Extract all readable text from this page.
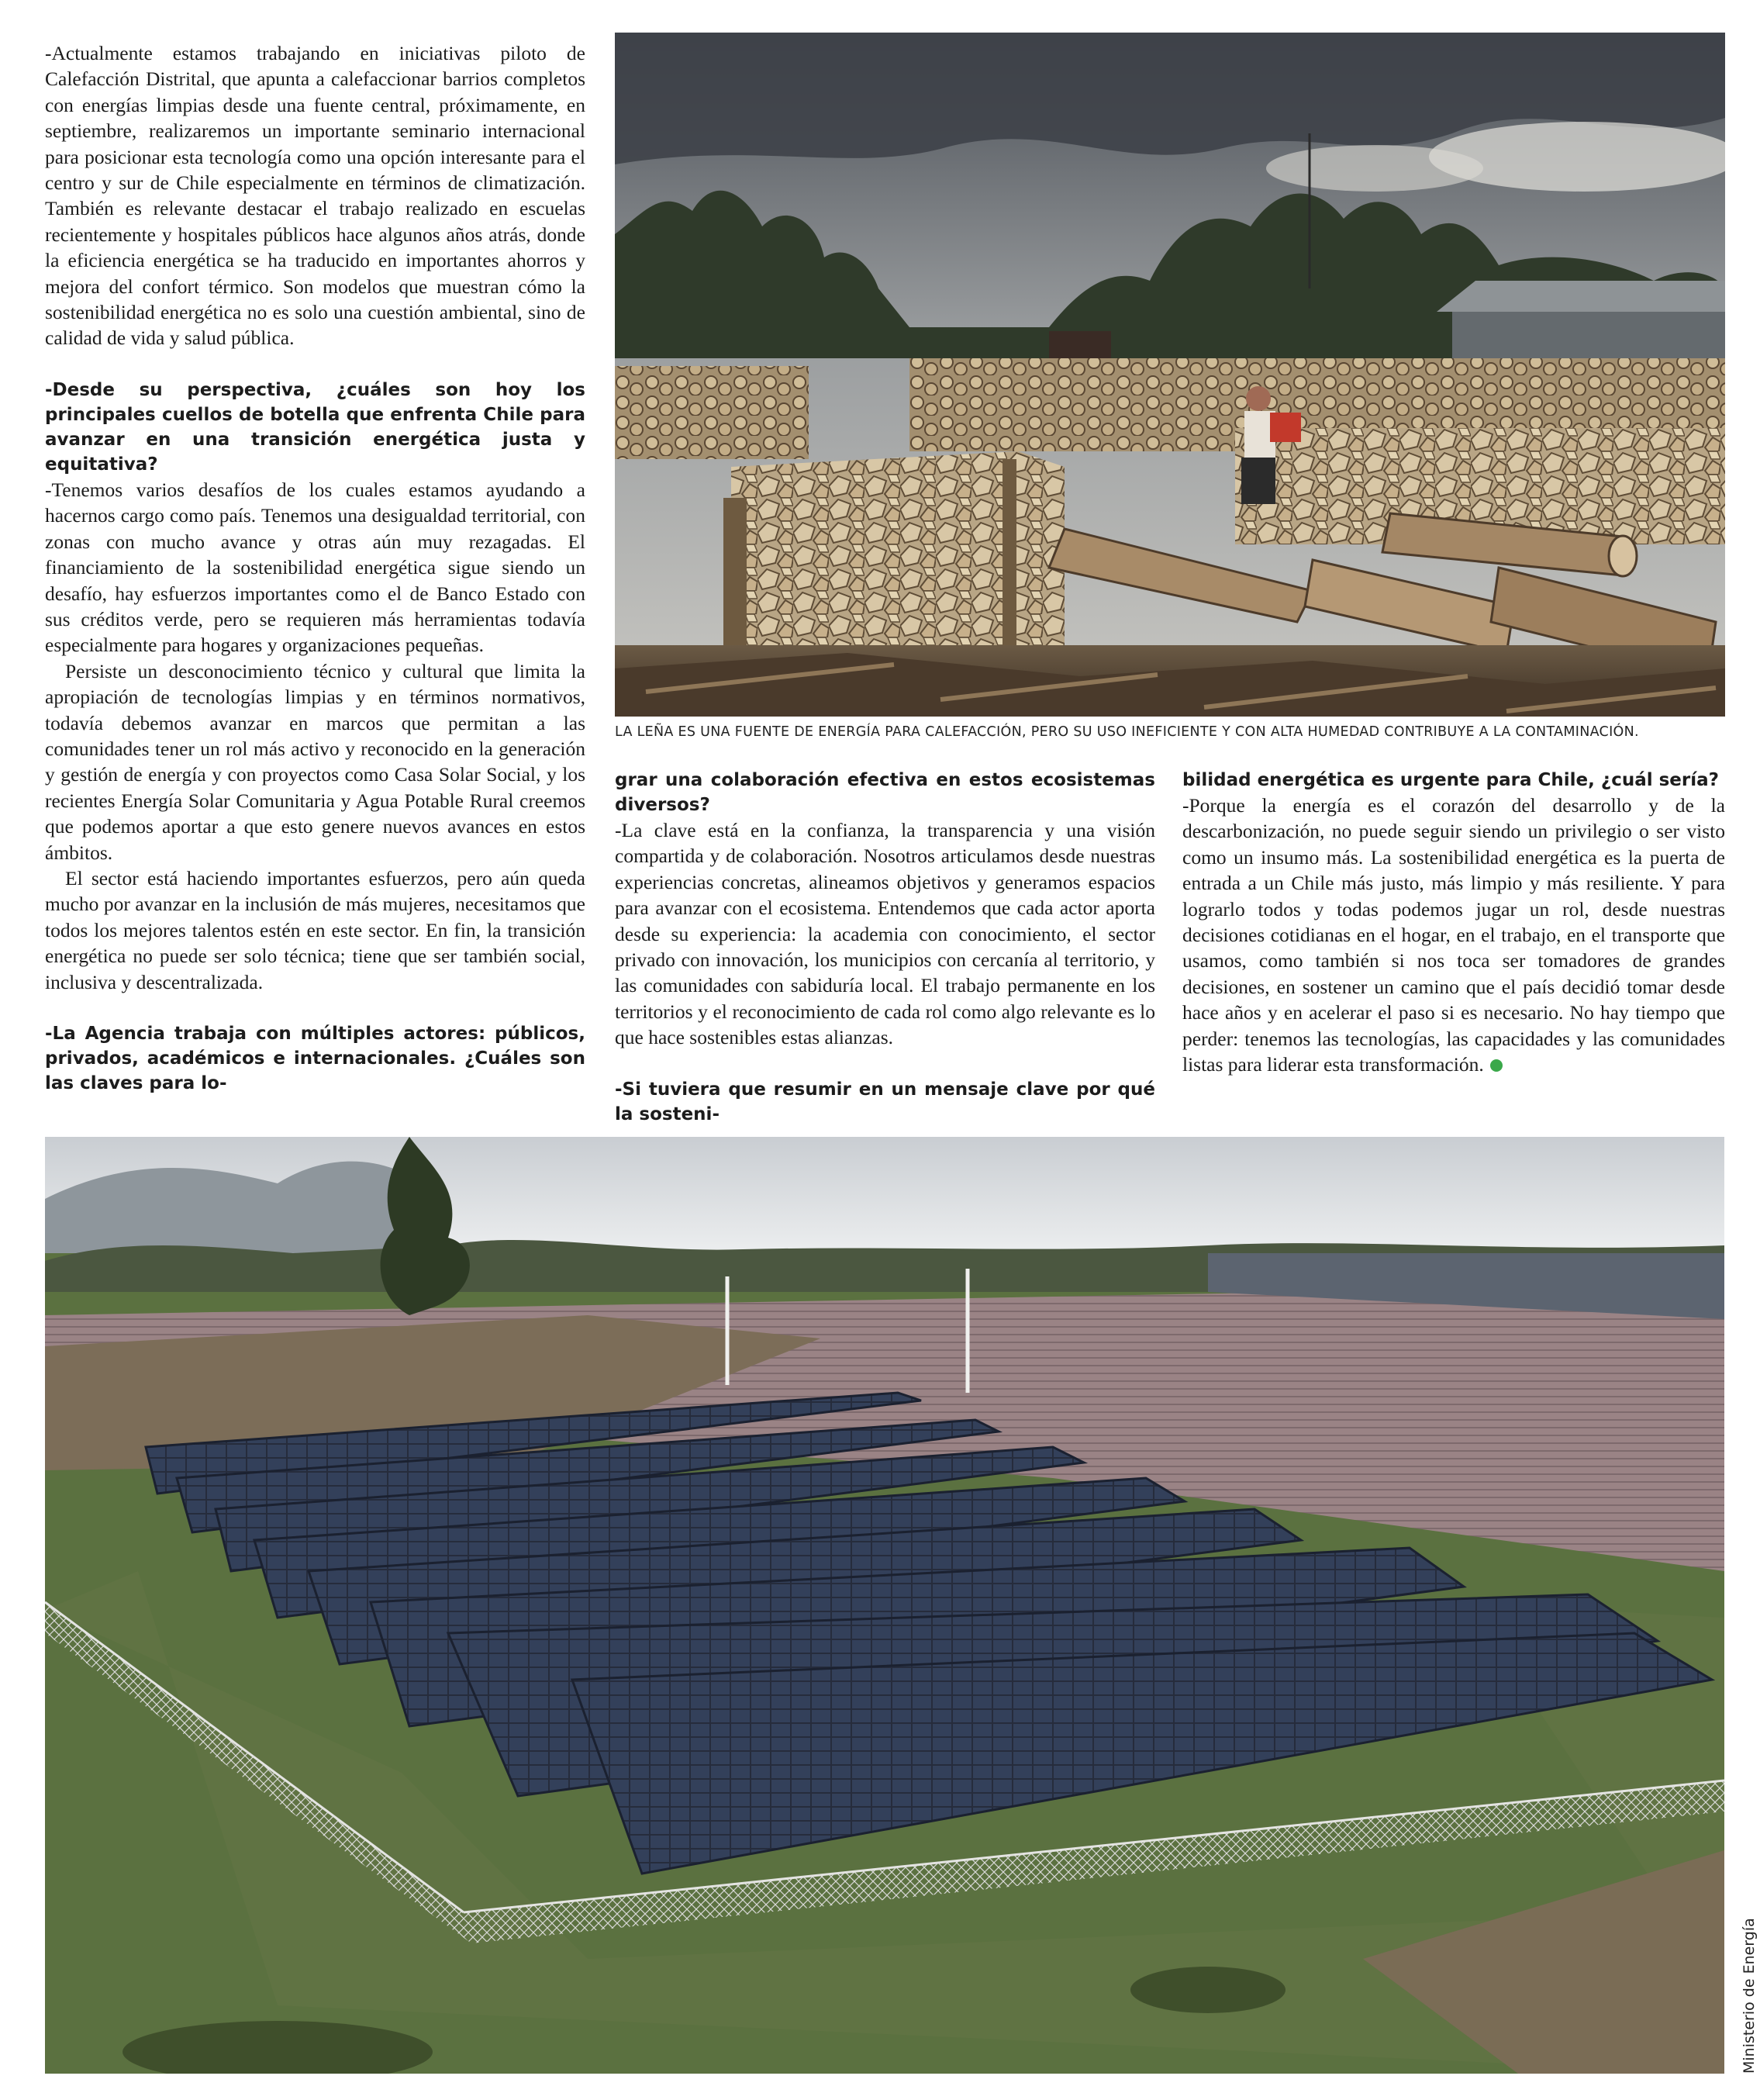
-Actualmente estamos trabajando en iniciativas piloto de Calefacción Distrital, que apunta a calefaccionar barrios completos con energías limpias desde una fuente central, próximamente, en septiembre, realizaremos un importante seminario internacional para posicionar esta tecnología como una opción interesante para el centro y sur de Chile especialmente en términos de climatización. También es relevante destacar el trabajo realizado en escuelas recientemente y hospitales públicos hace algunos años atrás, donde la eficiencia energética se ha traducido en importantes ahorros y mejora del confort térmico. Son modelos que muestran cómo la sostenibilidad energética no es solo una cuestión ambiental, sino de calidad de vida y salud pública.

-Desde su perspectiva, ¿cuáles son hoy los principales cuellos de botella que enfrenta Chile para avanzar en una transición energética justa y equitativa?

-Tenemos varios desafíos de los cuales estamos ayudando a hacernos cargo como país. Tenemos una desigualdad territorial, con zonas con mucho avance y otras aún muy rezagadas. El financiamiento de la sostenibilidad energética sigue siendo un desafío, hay esfuerzos importantes como el de Banco Estado con sus créditos verde, pero se requieren más herramientas todavía especialmente para hogares y organizaciones pequeñas.

Persiste un desconocimiento técnico y cultural que limita la apropiación de tecnologías limpias y en términos normativos, todavía debemos avanzar en marcos que permitan a las comunidades tener un rol más activo y reconocido en la generación y gestión de energía y con proyectos como Casa Solar Social, y los recientes Energía Solar Comunitaria y Agua Potable Rural creemos que podemos aportar a que esto genere nuevos avances en estos ámbitos.

El sector está haciendo importantes esfuerzos, pero aún queda mucho por avanzar en la inclusión de más mujeres, necesitamos que todos los mejores talentos estén en este sector. En fin, la transición energética no puede ser solo técnica; tiene que ser también social, inclusiva y descentralizada.

-La Agencia trabaja con múltiples actores: públicos, privados, académicos e internacionales. ¿Cuáles son las claves para lo-

grar una colaboración efectiva en estos ecosistemas diversos?

-La clave está en la confianza, la transparencia y una visión compartida y de colaboración. Nosotros articulamos desde nuestras experiencias concretas, alineamos objetivos y generamos espacios para avanzar con el ecosistema. Entendemos que cada actor aporta desde su experiencia: la academia con conocimiento, el sector privado con innovación, los municipios con cercanía al territorio, y las comunidades con sabiduría local. El trabajo permanente en los territorios y el reconocimiento de cada rol como algo relevante es lo que hace sostenibles estas alianzas.

-Si tuviera que resumir en un mensaje clave por qué la sosteni-

bilidad energética es urgente para Chile, ¿cuál sería?

-Porque la energía es el corazón del desarrollo y de la descarbonización, no puede seguir siendo un privilegio o ser visto como un insumo más. La sostenibilidad energética es la puerta de entrada a un Chile más justo, más limpio y más resiliente. Y para lograrlo todos y todas podemos jugar un rol, desde nuestras decisiones cotidianas en el hogar, en el trabajo, en el transporte que usamos, como también si nos toca ser tomadores de grandes decisiones, en sostener un camino que el país decidió tomar desde hace años y en acelerar el paso si es necesario. No hay tiempo que perder: tenemos las tecnologías, las capacidades y las comunidades listas para liderar esta transformación.

LA LEÑA ES UNA FUENTE DE ENERGÍA PARA CALEFACCIÓN, PERO SU USO INEFICIENTE Y CON ALTA HUMEDAD CONTRIBUYE A LA CONTAMINACIÓN.
Ministerio de Energía
